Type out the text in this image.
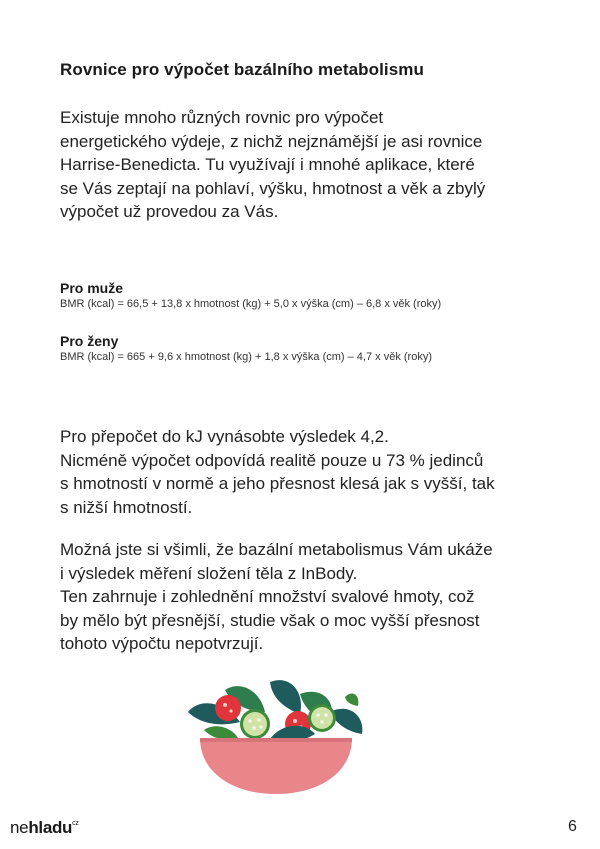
Rovnice pro výpočet bazálního metabolismu
Existuje mnoho různých rovnic pro výpočet
energetického výdeje, z nichž nejznámější je asi rovnice
Harrise-Benedicta. Tu využívají i mnohé aplikace, které
se Vás zeptají na pohlaví, výšku, hmotnost a věk a zbylý
výpočet už provedou za Vás.
Pro muže

BMR (kcal) = 66,5 + 13,8 x hmotnost (kg) + 5,0 x výška (cm) – 6,8 x věk (roky)

Pro ženy

BMR (kcal) = 665 + 9,6 x hmotnost (kg) + 1,8 x výška (cm) – 4,7 x věk (roky)

Pro přepočet do kJ vynásobte výsledek 4,2.
Nicméně výpočet odpovídá realitě pouze u 73 % jedinců
s hmotností v normě a jeho přesnost klesá jak s vyšší, tak
s nižší hmotností.
Možná jste si všimli, že bazální metabolismus Vám ukáže
i výsledek měření složení těla z InBody.
Ten zahrnuje i zohlednění množství svalové hmoty, což
by mělo být přesnější, studie však o moc vyšší přesnost
tohoto výpočtu nepotvrzují.
nehladu$^{cz}$	6
